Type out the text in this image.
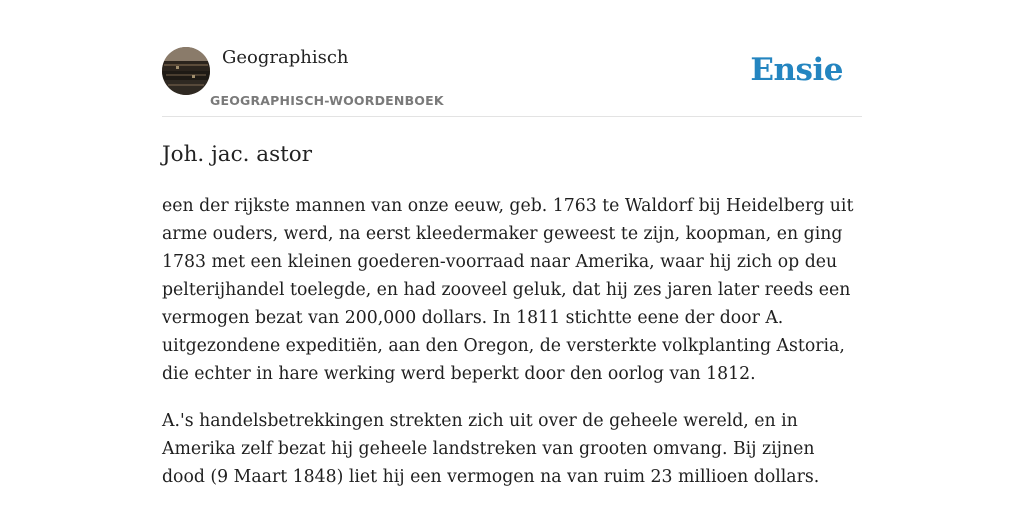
Geographisch
GEOGRAPHISCH-WOORDENBOEK
Ensie
Joh. jac. astor

een der rijkste mannen van onze eeuw, geb. 1763 te Waldorf bij Heidelberg uit arme ouders, werd, na eerst kleedermaker geweest te zijn, koopman, en ging 1783 met een kleinen goederen-voorraad naar Amerika, waar hij zich op deu pelterijhandel toelegde, en had zooveel geluk, dat hij zes jaren later reeds een vermogen bezat van 200,000 dollars. In 1811 stichtte eene der door A. uitgezondene expeditiën, aan den Oregon, de versterkte volkplanting Astoria, die echter in hare werking werd beperkt door den oorlog van 1812.

A.'s handelsbetrekkingen strekten zich uit over de geheele wereld, en in Amerika zelf bezat hij geheele landstreken van grooten omvang. Bij zijnen dood (9 Maart 1848) liet hij een vermogen na van ruim 23 millioen dollars.
